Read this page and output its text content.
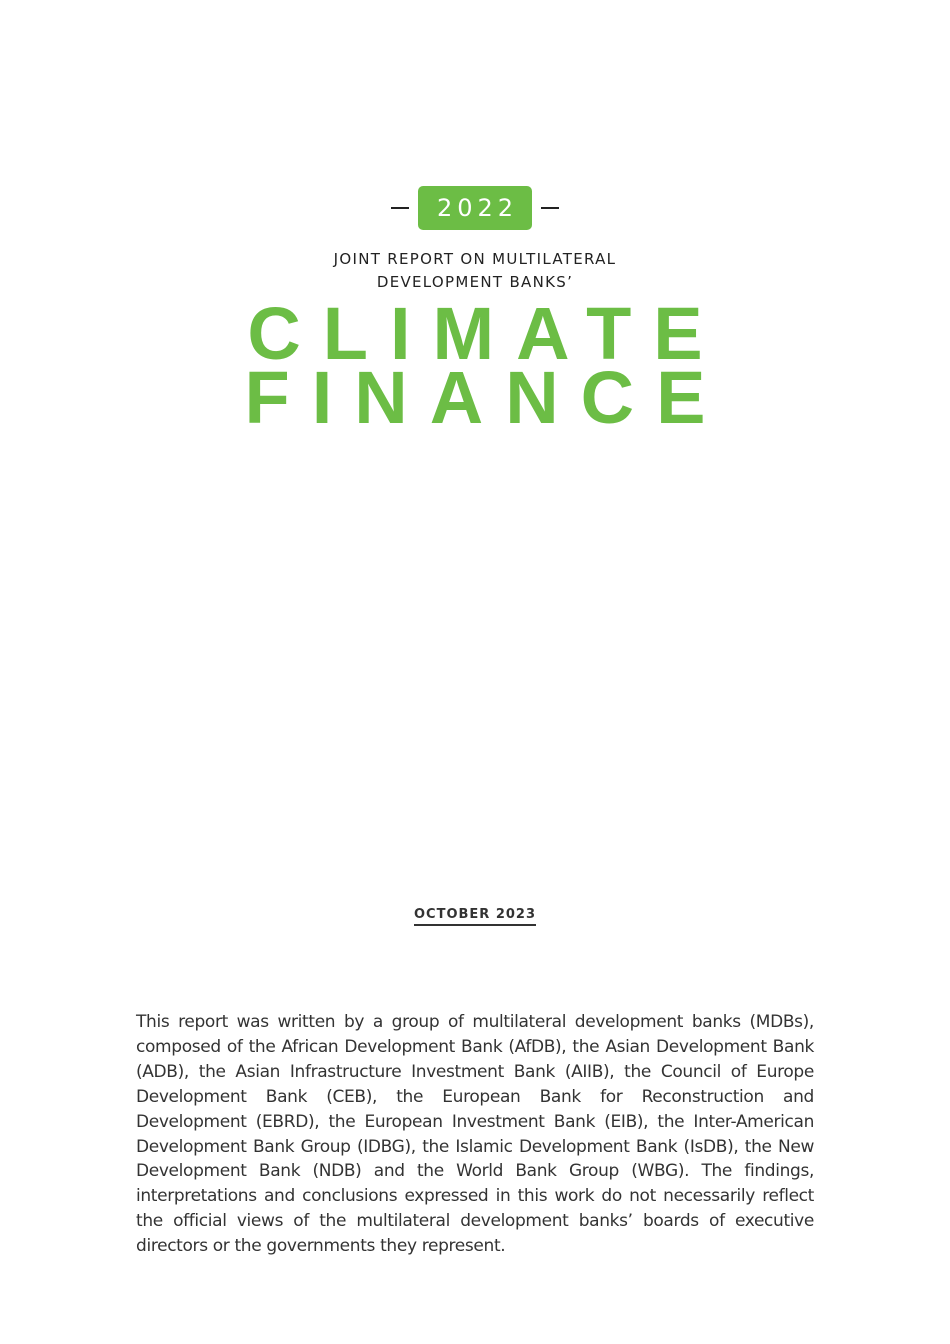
2022
JOINT REPORT ON MULTILATERAL
DEVELOPMENT BANKS’
CLIMATE
FINANCE
OCTOBER 2023
This report was written by a group of multilateral development banks (MDBs), composed of the African Development Bank (AfDB), the Asian Development Bank (ADB), the Asian Infrastructure Investment Bank (AIIB), the Council of Europe Development Bank (CEB), the European Bank for Reconstruction and Development (EBRD), the European Investment Bank (EIB), the Inter-American Development Bank Group (IDBG), the Islamic Development Bank (IsDB), the New Development Bank (NDB) and the World Bank Group (WBG). The findings, interpretations and conclusions expressed in this work do not necessarily reflect the official views of the multilateral development banks’ boards of executive directors or the governments they represent.
